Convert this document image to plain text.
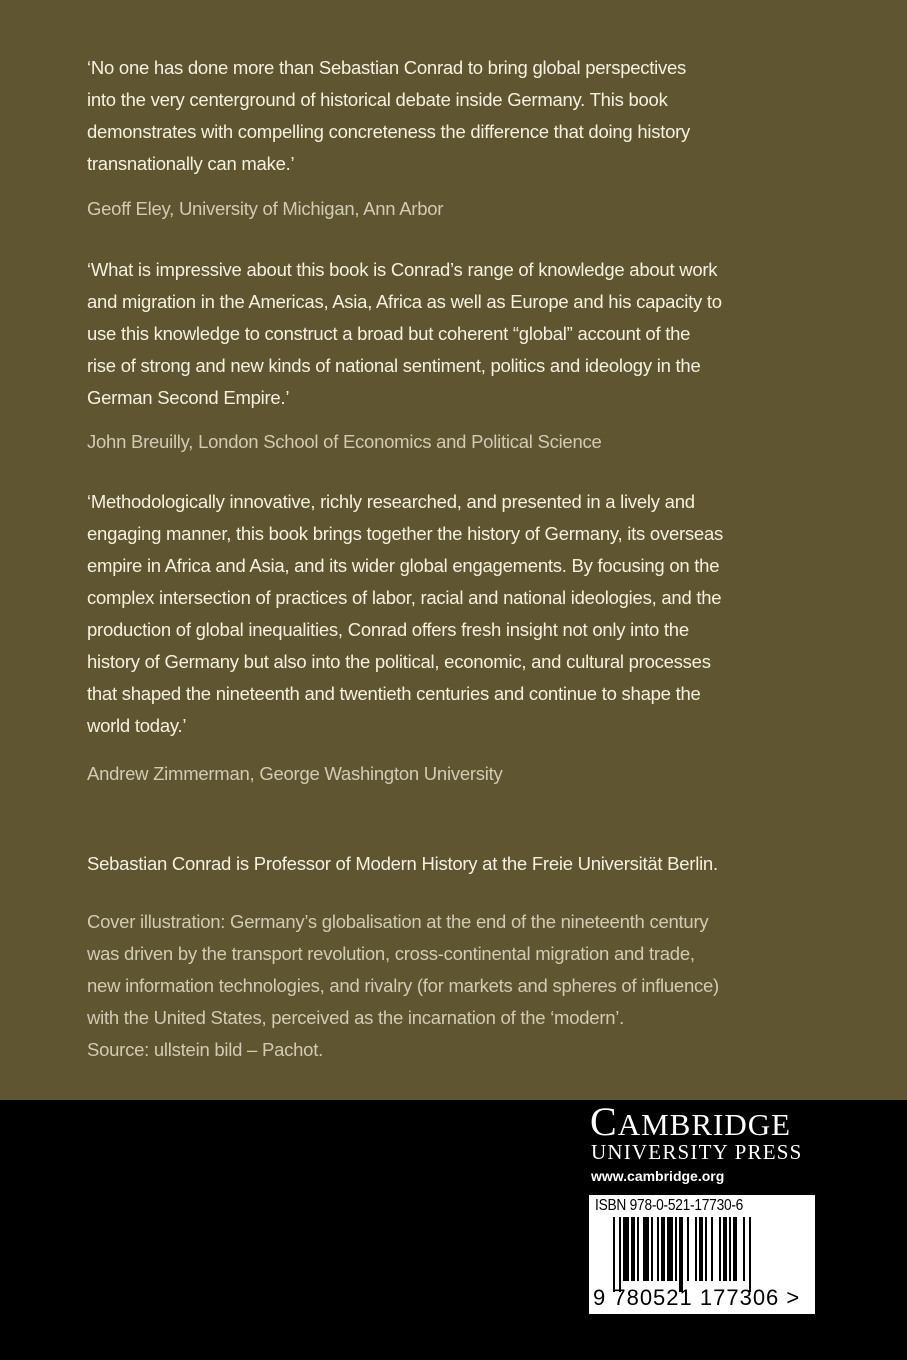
‘No one has done more than Sebastian Conrad to bring global perspectives
into the very centerground of historical debate inside Germany. This book
demonstrates with compelling concreteness the difference that doing history
transnationally can make.’
Geoff Eley, University of Michigan, Ann Arbor
‘What is impressive about this book is Conrad’s range of knowledge about work
and migration in the Americas, Asia, Africa as well as Europe and his capacity to
use this knowledge to construct a broad but coherent “global” account of the
rise of strong and new kinds of national sentiment, politics and ideology in the
German Second Empire.’
John Breuilly, London School of Economics and Political Science
‘Methodologically innovative, richly researched, and presented in a lively and
engaging manner, this book brings together the history of Germany, its overseas
empire in Africa and Asia, and its wider global engagements. By focusing on the
complex intersection of practices of labor, racial and national ideologies, and the
production of global inequalities, Conrad offers fresh insight not only into the
history of Germany but also into the political, economic, and cultural processes
that shaped the nineteenth and twentieth centuries and continue to shape the
world today.’
Andrew Zimmerman, George Washington University
Sebastian Conrad is Professor of Modern History at the Freie Universität Berlin.
Cover illustration: Germany’s globalisation at the end of the nineteenth century
was driven by the transport revolution, cross-continental migration and trade,
new information technologies, and rivalry (for markets and spheres of influence)
with the United States, perceived as the incarnation of the ‘modern’.
Source: ullstein bild – Pachot.
CAMBRIDGE
UNIVERSITY PRESS
www.cambridge.org
ISBN 978-0-521-17730-6
9 780521 177306 >
